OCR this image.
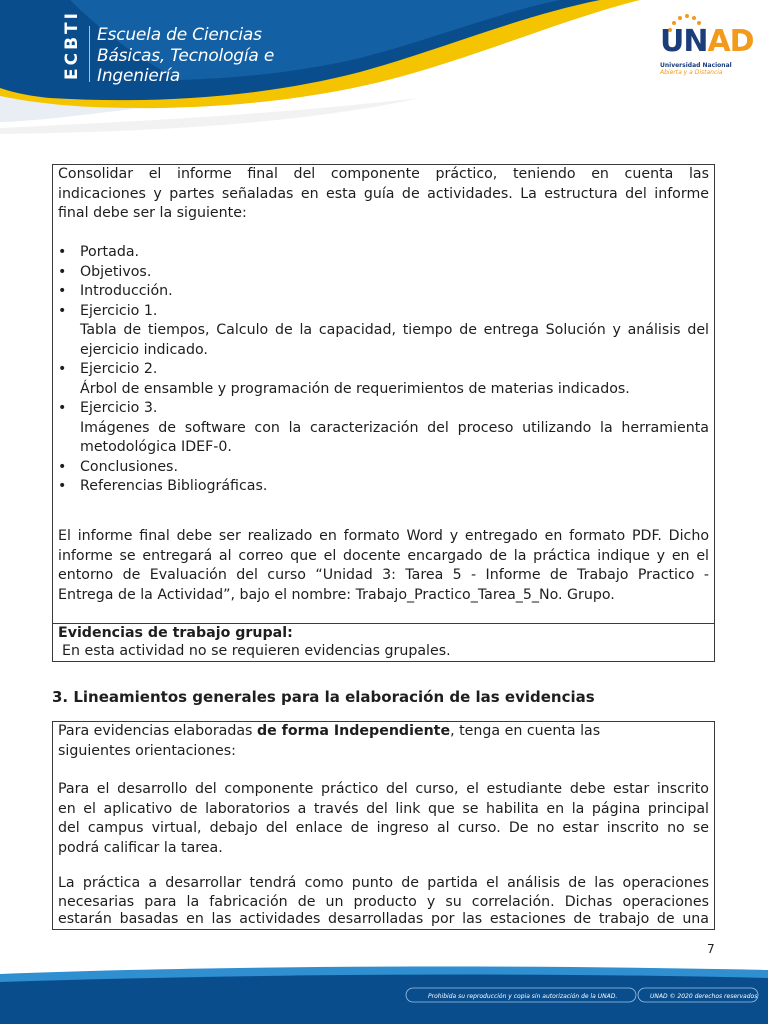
ECBTI Escuela de Ciencias
Básicas, Tecnología e
Ingeniería
UNAD
Universidad Nacional
Abierta y a Distancia
Consolidar el informe final del componente práctico, teniendo en cuenta las
indicaciones y partes señaladas en esta guía de actividades. La estructura del informe
final debe ser la siguiente:
• Portada.
• Objetivos.
• Introducción.
• Ejercicio 1.
Tabla de tiempos, Calculo de la capacidad, tiempo de entrega Solución y análisis del
ejercicio indicado.
• Ejercicio 2.
Árbol de ensamble y programación de requerimientos de materias indicados.
• Ejercicio 3.
Imágenes de software con la caracterización del proceso utilizando la herramienta
metodológica IDEF-0.
• Conclusiones.
• Referencias Bibliográficas.
El informe final debe ser realizado en formato Word y entregado en formato PDF. Dicho
informe se entregará al correo que el docente encargado de la práctica indique y en el
entorno de Evaluación del curso “Unidad 3: Tarea 5 - Informe de Trabajo Practico -
Entrega de la Actividad”, bajo el nombre: Trabajo_Practico_Tarea_5_No. Grupo.
Evidencias de trabajo grupal:
En esta actividad no se requieren evidencias grupales.
3. Lineamientos generales para la elaboración de las evidencias
Para evidencias elaboradas de forma Independiente, tenga en cuenta las
siguientes orientaciones:
Para el desarrollo del componente práctico del curso, el estudiante debe estar inscrito
en el aplicativo de laboratorios a través del link que se habilita en la página principal
del campus virtual, debajo del enlace de ingreso al curso. De no estar inscrito no se
podrá calificar la tarea.
La práctica a desarrollar tendrá como punto de partida el análisis de las operaciones
necesarias para la fabricación de un producto y su correlación. Dichas operaciones
estarán basadas en las actividades desarrolladas por las estaciones de trabajo de una
7
Prohibida su reproducción y copia sin autorización de la UNAD.	UNAD © 2020 derechos reservados
